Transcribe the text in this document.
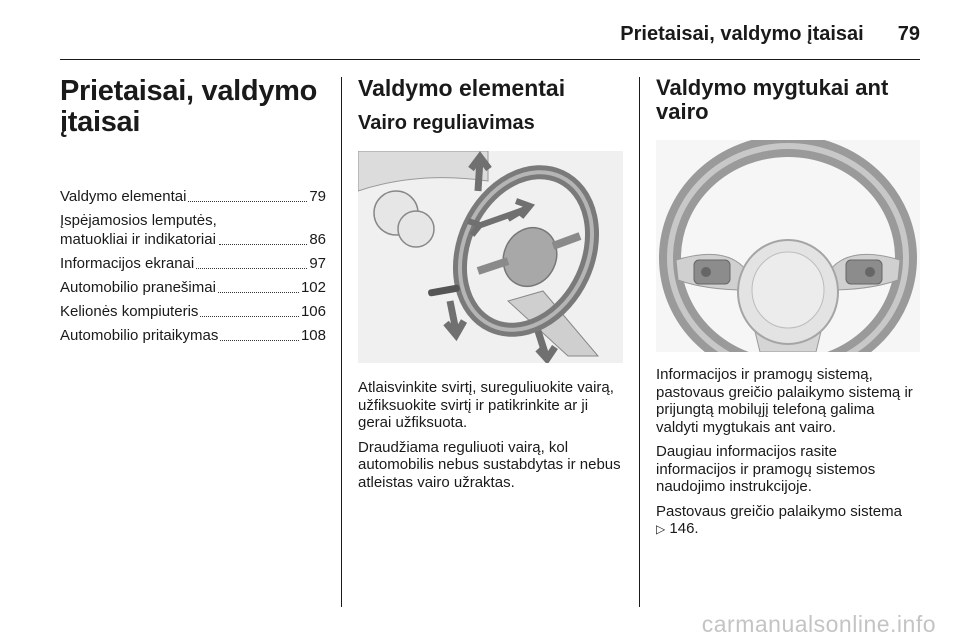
Prietaisai, valdymo įtaisai 79
Prietaisai, valdymo įtaisai
Valdymo elementai	79
Įspėjamosios lemputės,
matuokliai ir indikatoriai	86
Informacijos ekranai	97
Automobilio pranešimai	102
Kelionės kompiuteris	106
Automobilio pritaikymas	108
Valdymo elementai
Vairo reguliavimas

Atlaisvinkite svirtį, sureguliuokite vairą, užfiksuokite svirtį ir patikrinkite ar ji gerai užfiksuota.

Draudžiama reguliuoti vairą, kol automobilis nebus sustabdytas ir nebus atleistas vairo užraktas.

Valdymo mygtukai ant vairo

Informacijos ir pramogų sistemą, pastovaus greičio palaikymo sistemą ir prijungtą mobilųjį telefoną galima valdyti mygtukais ant vairo.

Daugiau informacijos rasite informacijos ir pramogų sistemos naudojimo instrukcijoje.

Pastovaus greičio palaikymo sistema
▷ 146.

carmanualsonline.info
